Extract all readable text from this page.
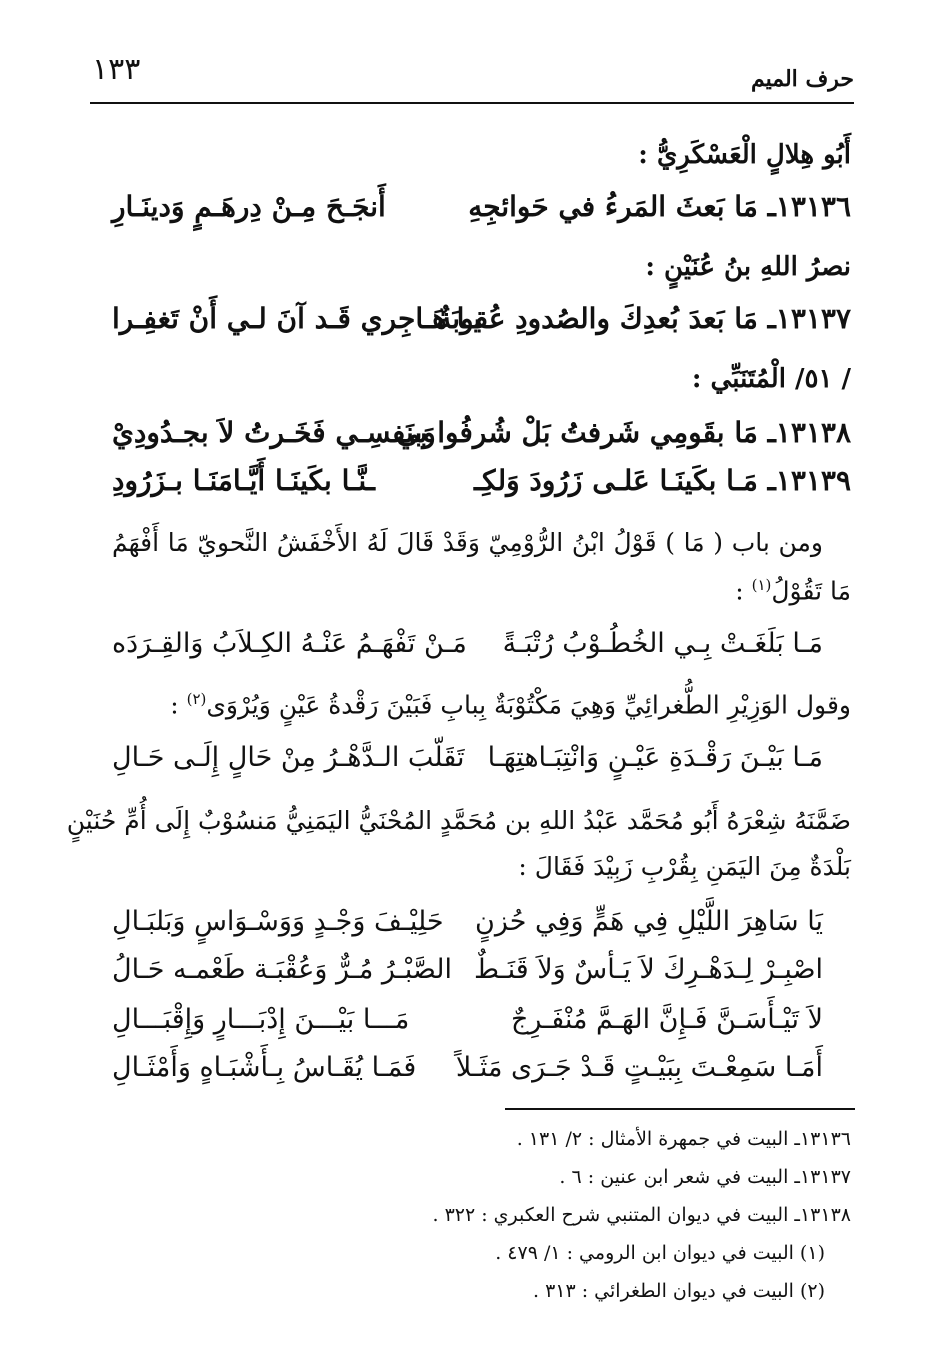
حرف الميم
١٣٣
أَبُو هِلالٍ الْعَسْكَرِيُّ :
١٣١٣٦ـ مَا بَعثَ المَرءُ في حَوائجِهِ
أَنجَـحَ مِـنْ دِرهَـمٍ وَدينَـارِ
نصرُ اللهِ بنُ عُنَيْنٍ :
١٣١٣٧ـ مَا بَعدَ بُعدِكَ والصُدودِ عُقوبَةٌ
يـا هَـاجِري قَـد آنَ لـي أَنْ تَغفِـرا
/ ٥١/ الْمُتَنَبِّي :
١٣١٣٨ـ مَا بقَومِي شَرفتُ بَلْ شُرفُوا بي
وَبنَفسِـي فَخَـرتُ لاَ بجـدُودِيْ
١٣١٣٩ـ مَـا بكَينَـا عَلـى زَرُودَ وَلكِـ
ـنَّـا بكَينَـا أَيَّـامَنَـا بـزَرُودِ
ومن باب ( مَا ) قَوْلُ ابْنُ الرُّوْمِيّ وَقَدْ قَالَ لَهُ الأَخْفَشُ النَّحويّ مَا أَفْهَمُ
مَا تَقُوْلُ$^{(١)}$ :
مَـا بَلَغَـتْ بِـي الخُطُـوْبُ رُتْبَـةً
مَـنْ تَفْهَـمُ عَنْـهُ الكِـلاَبُ وَالقِـرَدَه
وقول الوَزِيْرِ الطُّغرائِيِّ وَهِيَ مَكْتُوْبَةٌ بِبابِ فَبَيْنَ رَقْدةُ عَيْنٍ وَيُرْوَى$^{(٢)}$ :
مَـا بَيْـنَ رَقْـدَةِ عَيْـنٍ وَانْتِبَـاهتِهَـا
تَقَلّبَ الـدَّهْـرُ مِنْ حَالٍ إِلَـى حَـالِ
ضَمَّنَهُ شِعْرَهُ أَبُو مُحَمَّد عَبْدُ اللهِ بن مُحَمَّدٍ المُحْنَيُّ اليَمَنِيُّ مَنسُوْبٌ إِلَى أُمِّ حُنَيْنٍ
بَلْدَةٌ مِنَ اليَمَنِ بِقُرْبِ زَبِيْدَ فَقَالَ :
يَا سَاهِرَ اللَّيْلِ فِي هَمٍّ وَفِي حُزنٍ
حَلِيْـفَ وَجْـدٍ وَوَسْـوَاسٍ وَبَلبَـالِ
اصْبِـرْ لِـدَهْـرِكَ لاَ يَـأسٌ وَلاَ قَنَـطٌ
الصَّبْـرُ مُـرٌّ وَعُقْبَـة طَعْمـه حَـالُ
لاَ تَيْـأَسَـنَّ فَـإِنَّ الهَـمَّ مُنْفَـرِجٌ
مَـــا بَيْـــنَ إِدْبَـــارٍ وَإِقْبَـــالِ
أَمَـا سَمِعْـتَ بِبَيْـتٍ قَـدْ جَـرَى مَثَـلاً
فَمَـا يُقَـاسُ بِـأَشْبَـاهٍ وَأَمْثَـالِ
١٣١٣٦ـ البيت في جمهرة الأمثال : ٢/ ١٣١ .
١٣١٣٧ـ البيت في شعر ابن عنين : ٦ .
١٣١٣٨ـ البيت في ديوان المتنبي شرح العكبري : ٣٢٢ .
(١) البيت في ديوان ابن الرومي : ١/ ٤٧٩ .
(٢) البيت في ديوان الطغرائي : ٣١٣ .
